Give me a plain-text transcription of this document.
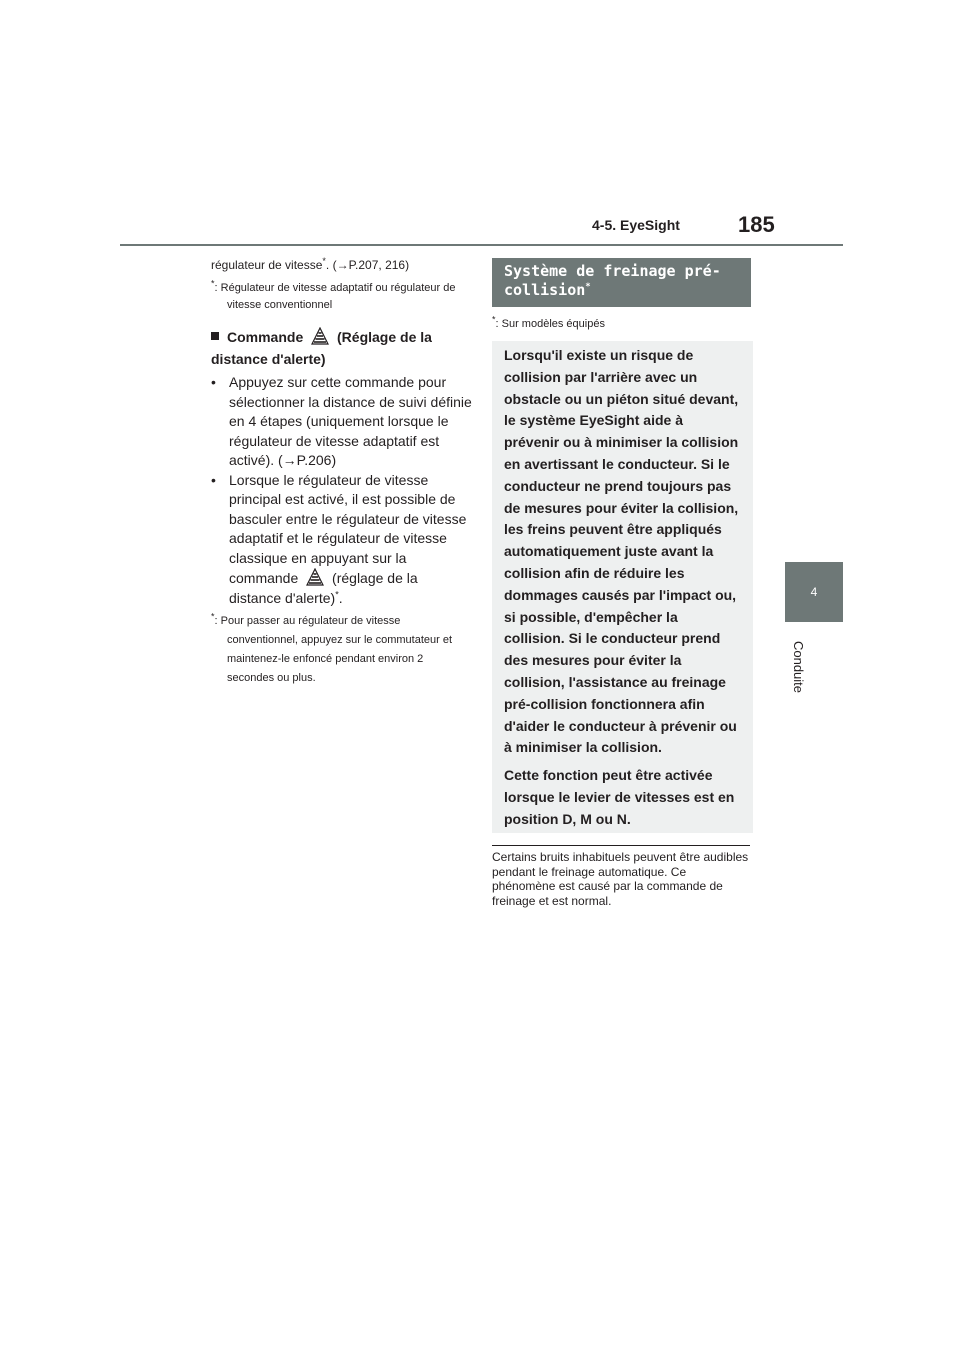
4-5. EyeSight	185
4
Conduite
régulateur de vitesse*. (→P.207, 216)
*: Régulateur de vitesse adaptatif ou régulateur de vitesse conventionnel
Commande (Réglage de la distance d'alerte)
• Appuyez sur cette commande pour sélectionner la distance de suivi définie en 4 étapes (uniquement lorsque le régulateur de vitesse adaptatif est activé). (→P.206)
• Lorsque le régulateur de vitesse principal est activé, il est possible de basculer entre le régulateur de vitesse adaptatif et le régulateur de vitesse classique en appuyant sur la commande (réglage de la distance d'alerte)*.
*: Pour passer au régulateur de vitesse conventionnel, appuyez sur le commutateur et maintenez-le enfoncé pendant environ 2 secondes ou plus.
Système de freinage pré-collision*
*: Sur modèles équipés

Lorsqu'il existe un risque de collision par l'arrière avec un obstacle ou un piéton situé devant, le système EyeSight aide à prévenir ou à minimiser la collision en avertissant le conducteur. Si le conducteur ne prend toujours pas de mesures pour éviter la collision, les freins peuvent être appliqués automatiquement juste avant la collision afin de réduire les dommages causés par l'impact ou, si possible, d'empêcher la collision. Si le conducteur prend des mesures pour éviter la collision, l'assistance au freinage pré-collision fonctionnera afin d'aider le conducteur à prévenir ou à minimiser la collision.

Cette fonction peut être activée lorsque le levier de vitesses est en position D, M ou N.

Certains bruits inhabituels peuvent être audibles pendant le freinage automatique. Ce phénomène est causé par la commande de freinage et est normal.
